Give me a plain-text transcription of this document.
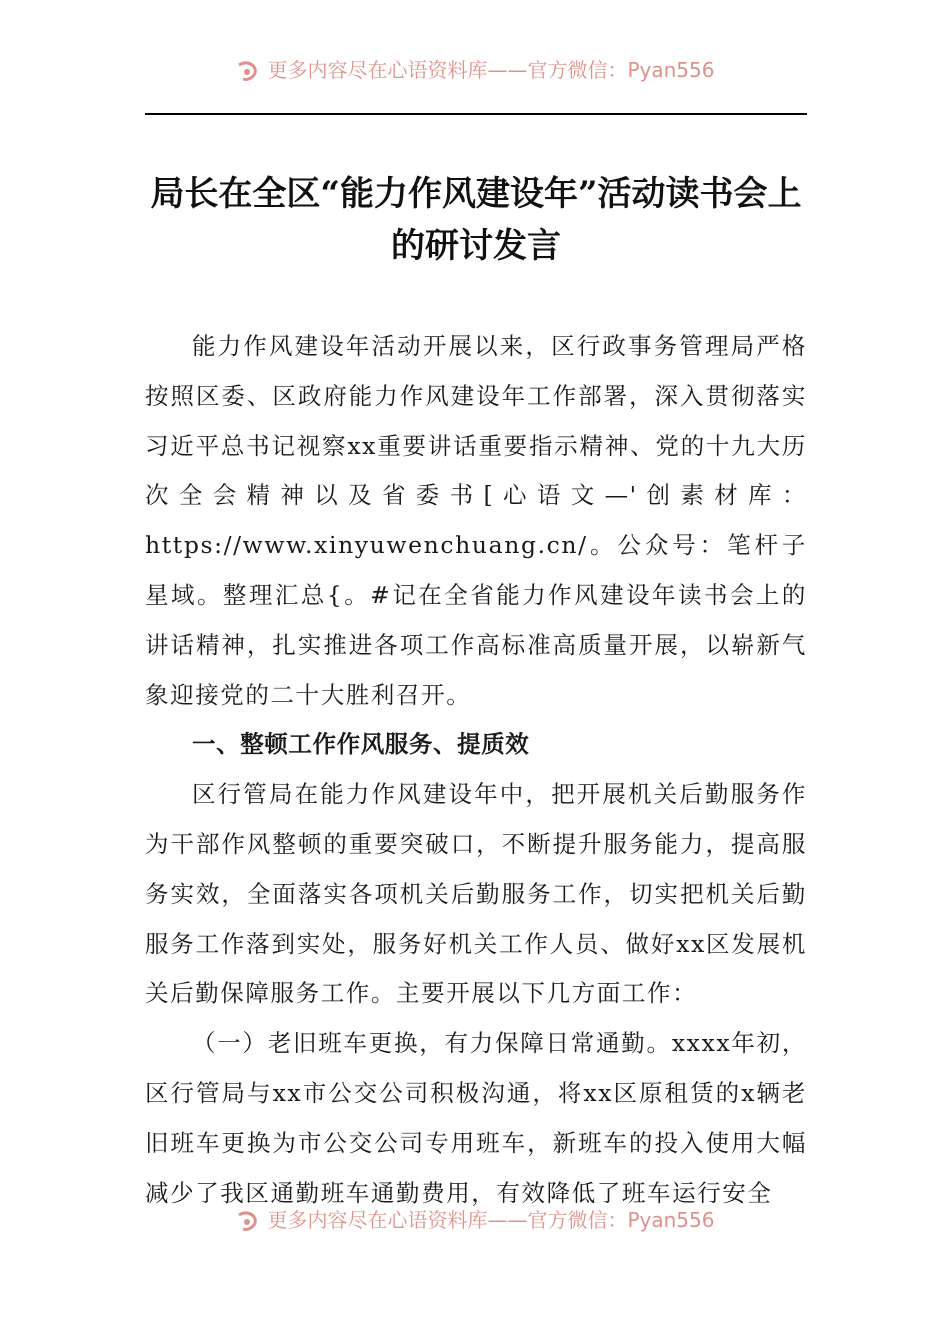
更多内容尽在心语资料库——官方微信：Pyan556
局长在全区“能力作风建设年”活动读书会上的研讨发言

能力作风建设年活动开展以来，区行政事务管理局严格按照区委、区政府能力作风建设年工作部署，深入贯彻落实习近平总书记视察xx重要讲话重要指示精神、党的十九大历次全会精神以及省委书[心语文—'创素材库：https://www.xinyuwenchuang.cn/。公众号：笔杆子星域。整理汇总{。#记在全省能力作风建设年读书会上的讲话精神，扎实推进各项工作高标准高质量开展，以崭新气象迎接党的二十大胜利召开。

一、整顿工作作风服务、提质效

区行管局在能力作风建设年中，把开展机关后勤服务作为干部作风整顿的重要突破口，不断提升服务能力，提高服务实效，全面落实各项机关后勤服务工作，切实把机关后勤服务工作落到实处，服务好机关工作人员、做好xx区发展机关后勤保障服务工作。主要开展以下几方面工作：

（一）老旧班车更换，有力保障日常通勤。xxxx年初，区行管局与xx市公交公司积极沟通，将xx区原租赁的x辆老旧班车更换为市公交公司专用班车，新班车的投入使用大幅减少了我区通勤班车通勤费用，有效降低了班车运行安全

更多内容尽在心语资料库——官方微信：Pyan556
